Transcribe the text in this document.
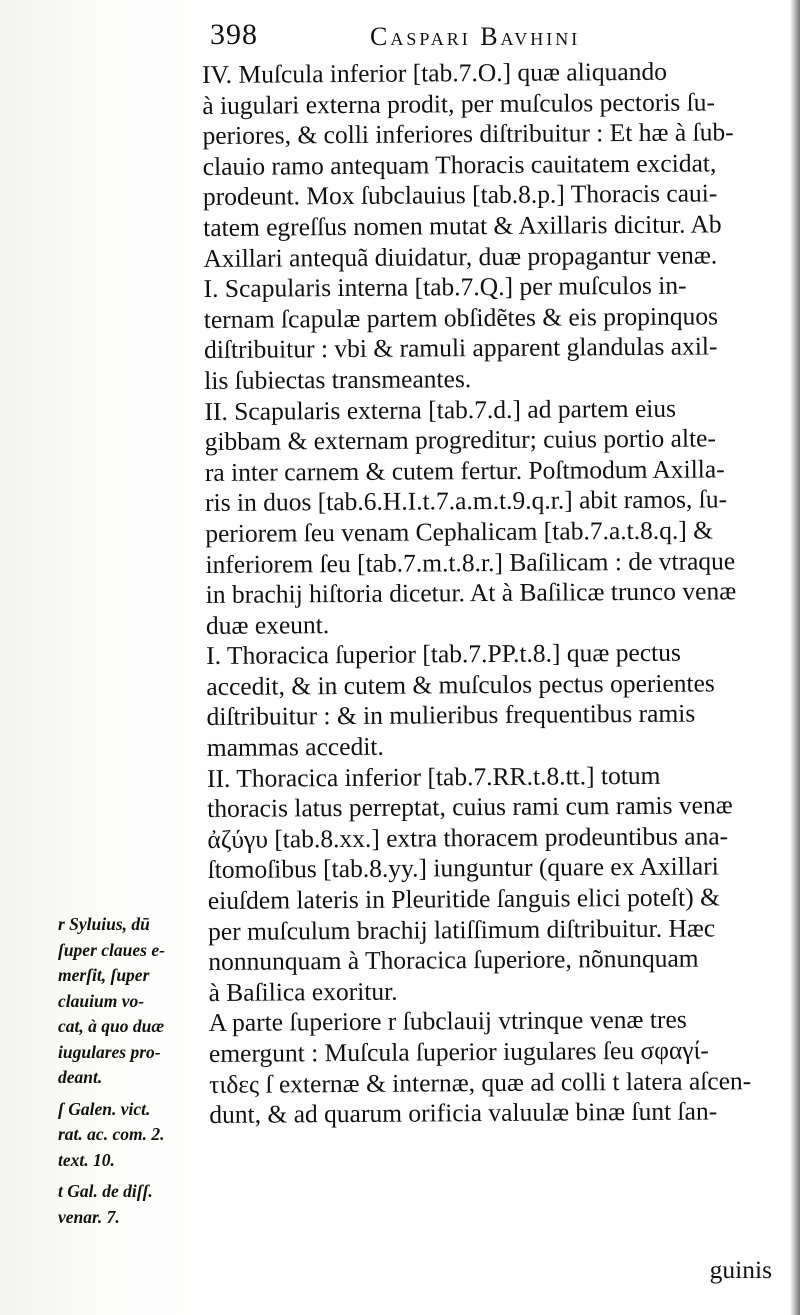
398	Caspari Bavhini
IV. Muſcula inferior [tab.7.O.] quæ aliquando
à iugulari externa prodit, per muſculos pectoris ſu-
periores, & colli inferiores diſtribuitur : Et hæ à ſub-
clauio ramo antequam Thoracis cauitatem excidat,
prodeunt. Mox ſubclauius [tab.8.p.] Thoracis caui-
tatem egreſſus nomen mutat & Axillaris dicitur. Ab
Axillari antequã diuidatur, duæ propagantur venæ.
I. Scapularis interna [tab.7.Q.] per muſculos in-
ternam ſcapulæ partem obſidẽtes & eis propinquos
diſtribuitur : vbi & ramuli apparent glandulas axil-
lis ſubiectas transmeantes.
II. Scapularis externa [tab.7.d.] ad partem eius
gibbam & externam progreditur; cuius portio alte-
ra inter carnem & cutem fertur. Poſtmodum Axilla-
ris in duos [tab.6.H.I.t.7.a.m.t.9.q.r.] abit ramos, ſu-
periorem ſeu venam Cephalicam [tab.7.a.t.8.q.] &
inferiorem ſeu [tab.7.m.t.8.r.] Baſilicam : de vtraque
in brachij hiſtoria dicetur. At à Baſilicæ trunco venæ
duæ exeunt.
I. Thoracica ſuperior [tab.7.PP.t.8.] quæ pectus
accedit, & in cutem & muſculos pectus operientes
diſtribuitur : & in mulieribus frequentibus ramis
mammas accedit.
II. Thoracica inferior [tab.7.RR.t.8.tt.] totum
thoracis latus perreptat, cuius rami cum ramis venæ
ἀζύγυ [tab.8.xx.] extra thoracem prodeuntibus ana-
ſtomoſibus [tab.8.yy.] iunguntur (quare ex Axillari
eiuſdem lateris in Pleuritide ſanguis elici poteſt) &
per muſculum brachij latiſſimum diſtribuitur. Hæc
nonnunquam à Thoracica ſuperiore, nõnunquam
à Baſilica exoritur.
A parte ſuperiore r ſubclauij vtrinque venæ tres
emergunt : Muſcula ſuperior iugulares ſeu σφαγί-
τιδες ſ externæ & internæ, quæ ad colli t latera aſcen-
dunt, & ad quarum orificia valuulæ binæ ſunt ſan-
r Syluius, dū
ſuper claues e-
merſit, ſuper
clauium vo-
cat, à quo duæ
iugulares pro-
deant.
ſ Galen. vict.
rat. ac. com. 2.
text. 10.
t Gal. de diſſ.
venar. 7.
guinis
